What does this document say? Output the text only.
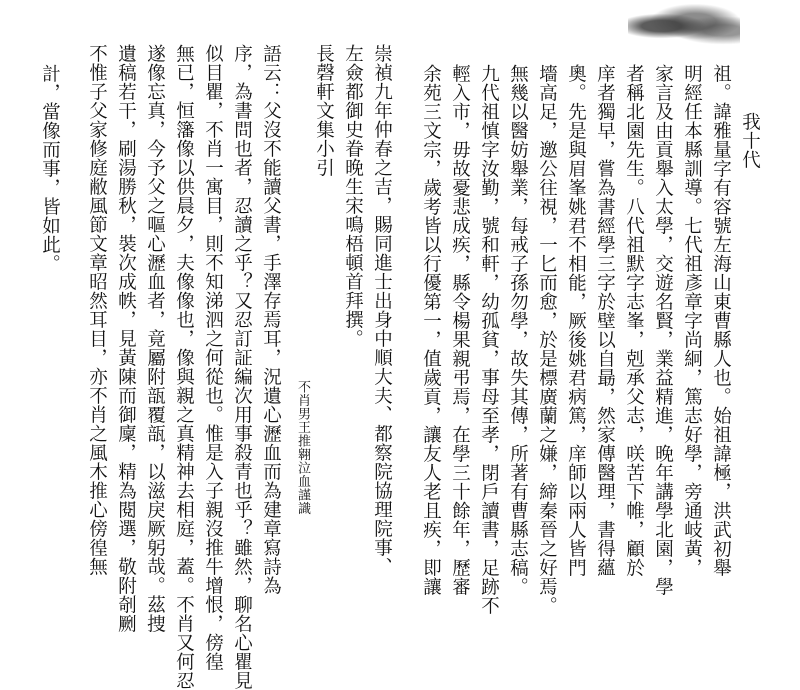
我十代
祖。諱雅量字有容號左海山東曹縣人也。始祖諱極，洪武初舉
明經任本縣訓導。七代祖彥章字尚絅，篤志好學，旁通岐黃，
家言及由貢舉入太學，交遊名賢，業益精進，晚年講學北園，學
者稱北園先生。八代祖默字志峯，剋承父志，咲苦下帷，顧於
庠者獨早，嘗為書經學三字於壁以自朂，然家傳醫理，書得蘊
奧。先是與眉峯姚君不相能，厥後姚君病篤，庠師以兩人皆門
墻高足，邀公往視，一匕而愈，於是標廣蘭之嫌，締秦晉之好焉。
無幾以醫妨舉業，每戒子孫勿學，故失其傳，所著有曹縣志稿。
九代祖慎字汝勤，號和軒，幼孤貧，事母至孝，閉戶讀書，足跡不
輕入市，毋故憂悲成疾，縣令楊果親弔焉，在學三十餘年，歷審
余苑三文宗，歲考皆以行優第一，值歲貢，讓友人老且疾，即讓
崇禎九年仲春之吉，賜同進士出身中順大夫、都察院協理院事、
左僉都御史眷晚生宋鳴梧頓首拜撰。
長磬軒文集小引
語云：父沒不能讀父書，手澤存焉耳，況遺心瀝血而為建章寫詩為
序，為書問也者，忍讀之乎？又忍訂証編次用事殺青也乎？雖然，聊名心瞿見
似目瞿，不肖一寓目，則不知涕泗之何從也。惟是入子親沒推牛增恨，傍徨
無已，恒籓像以供晨夕，夫像像也，像與親之真精神去相庭，蓋。不肖又何忍
遂像忘真，今予父之嘔心瀝血者，竟屬附瓿覆瓿，以滋戾厥躬哉。茲捜
遺稿若干，刷湯勝秋，裝次成帙，見黃陳而御廩，精為閱選，敬附剞劂
不惟子父家修庭敝風節文章昭然耳目，亦不肖之風木推心傍徨無
計，當像而事，皆如此。
不肖男王推翱泣血謹識
